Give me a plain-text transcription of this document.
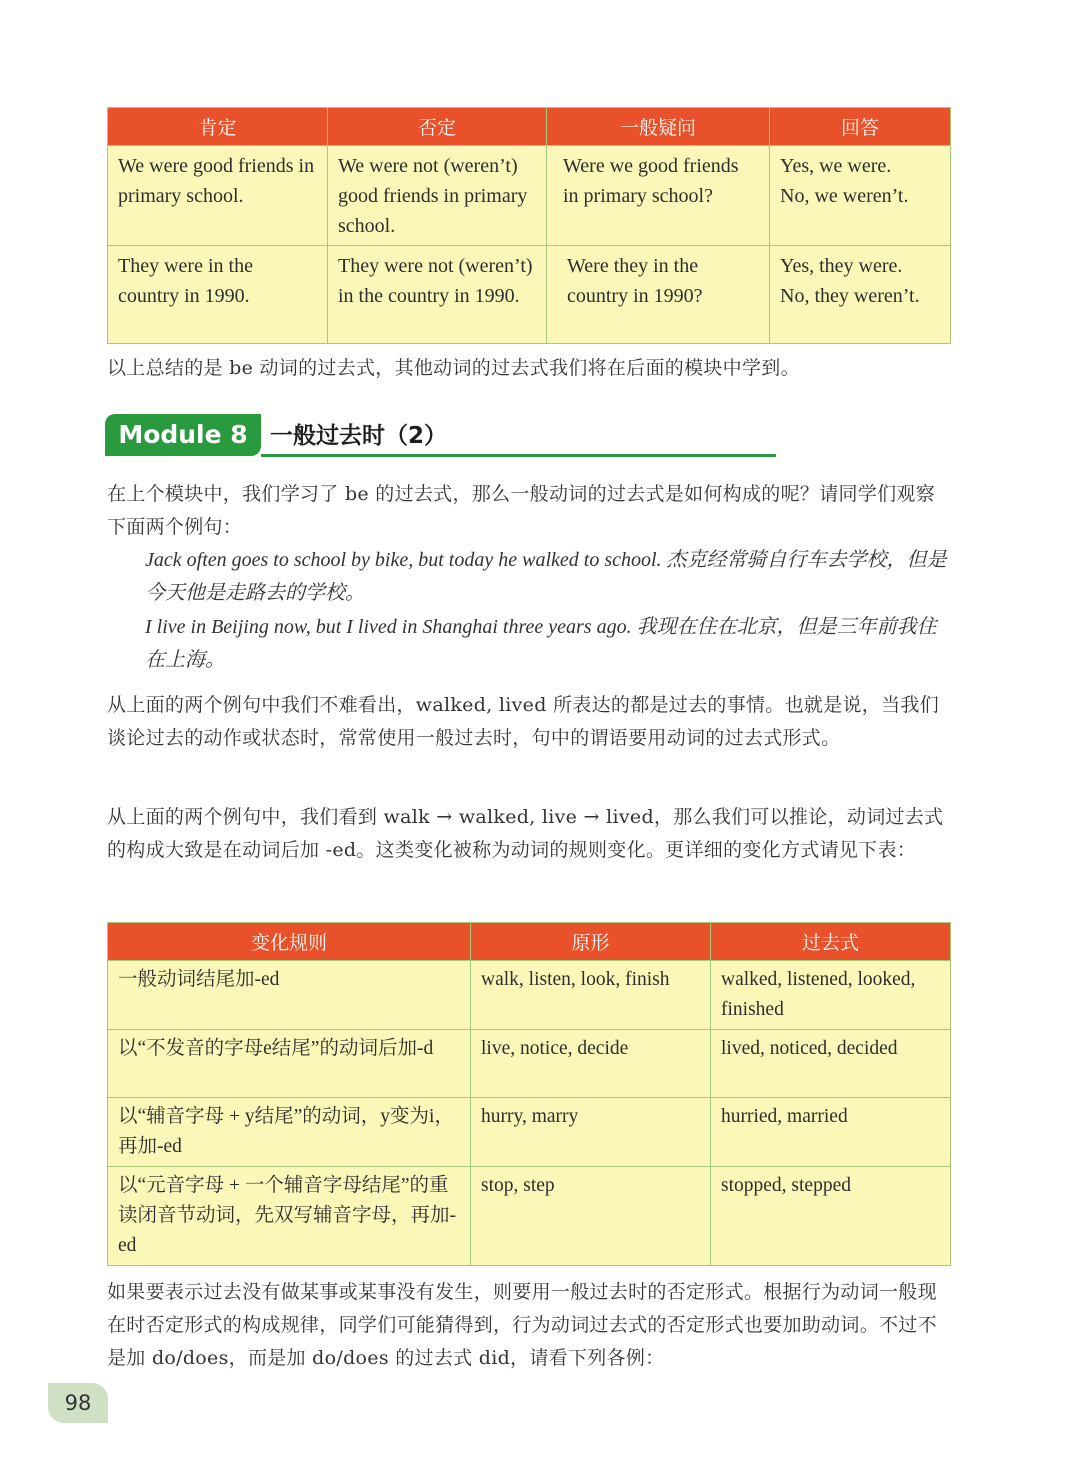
肯定	否定	一般疑问	回答
We were good friends in primary school.	We were not (weren’t) good friends in primary school.	Were we good friends in primary school?	Yes, we were.
No, we weren’t.
They were in the country in 1990.	They were not (weren’t) in the country in 1990.	Were they in the country in 1990?	Yes, they were.
No, they weren’t.

以上总结的是 be 动词的过去式，其他动词的过去式我们将在后面的模块中学到。

Module 8 一般过去时（2）

在上个模块中，我们学习了 be 的过去式，那么一般动词的过去式是如何构成的呢？请同学们观察下面两个例句：

Jack often goes to school by bike, but today he walked to school. 杰克经常骑自行车去学校，但是今天他是走路去的学校。

I live in Beijing now, but I lived in Shanghai three years ago. 我现在住在北京，但是三年前我住在上海。

从上面的两个例句中我们不难看出，walked, lived 所表达的都是过去的事情。也就是说，当我们谈论过去的动作或状态时，常常使用一般过去时，句中的谓语要用动词的过去式形式。

从上面的两个例句中，我们看到 walk → walked, live → lived，那么我们可以推论，动词过去式的构成大致是在动词后加 -ed。这类变化被称为动词的规则变化。更详细的变化方式请见下表：

变化规则	原形	过去式
一般动词结尾加-ed	walk, listen, look, finish	walked, listened, looked, finished
以“不发音的字母e结尾”的动词后加-d	live, notice, decide	lived, noticed, decided
以“辅音字母 + y结尾”的动词，y变为i，再加-ed	hurry, marry	hurried, married
以“元音字母 + 一个辅音字母结尾”的重读闭音节动词，先双写辅音字母，再加-ed	stop, step	stopped, stepped

如果要表示过去没有做某事或某事没有发生，则要用一般过去时的否定形式。根据行为动词一般现在时否定形式的构成规律，同学们可能猜得到，行为动词过去式的否定形式也要加助动词。不过不是加 do/does，而是加 do/does 的过去式 did，请看下列各例：

98
